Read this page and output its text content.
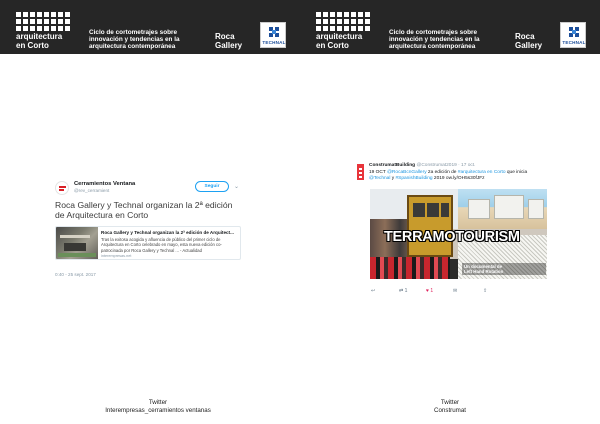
arquitectura
en Corto
Ciclo de cortometrajes sobre
innovación y tendencias en la
arquitectura contemporánea
Roca
Gallery	TECHNAL
Cerramientos Ventana
@rev_cerramient
Seguir	⌄
Roca Gallery y Technal organizan la 2ª edición de Arquitectura en Corto
Roca Gallery y Technal organizan la 2ª edición de Arquitect...
Tras la exitosa acogida y afluencia de público del primer ciclo de Arquitectura en Corto celebrado en mayo, esta nueva edición co-patrocinada por Roca Gallery y Technal ... - Actualidad
interempresas.net
0:40 - 25 sept. 2017
Twitter
Interempresas_cerramientos ventanas
arquitectura
en Corto
Ciclo de cortometrajes sobre
innovación y tendencias en la
arquitectura contemporánea
Roca
Gallery	TECHNAL
ConstrumatBuilding @Construmat2019 · 17 oct.
19 OCT @RocaBcnGallery 2a edición de #arquitectura en Corto que inicia @Technal y #SpanishBuilding 2019 ow.ly/OH5s30fJFz
TERRAMOTOURISM
Un documental de
Left Hand Rotation
↩	⇄ 1	♥ 1	✉	⇪
Twitter
Construmat
